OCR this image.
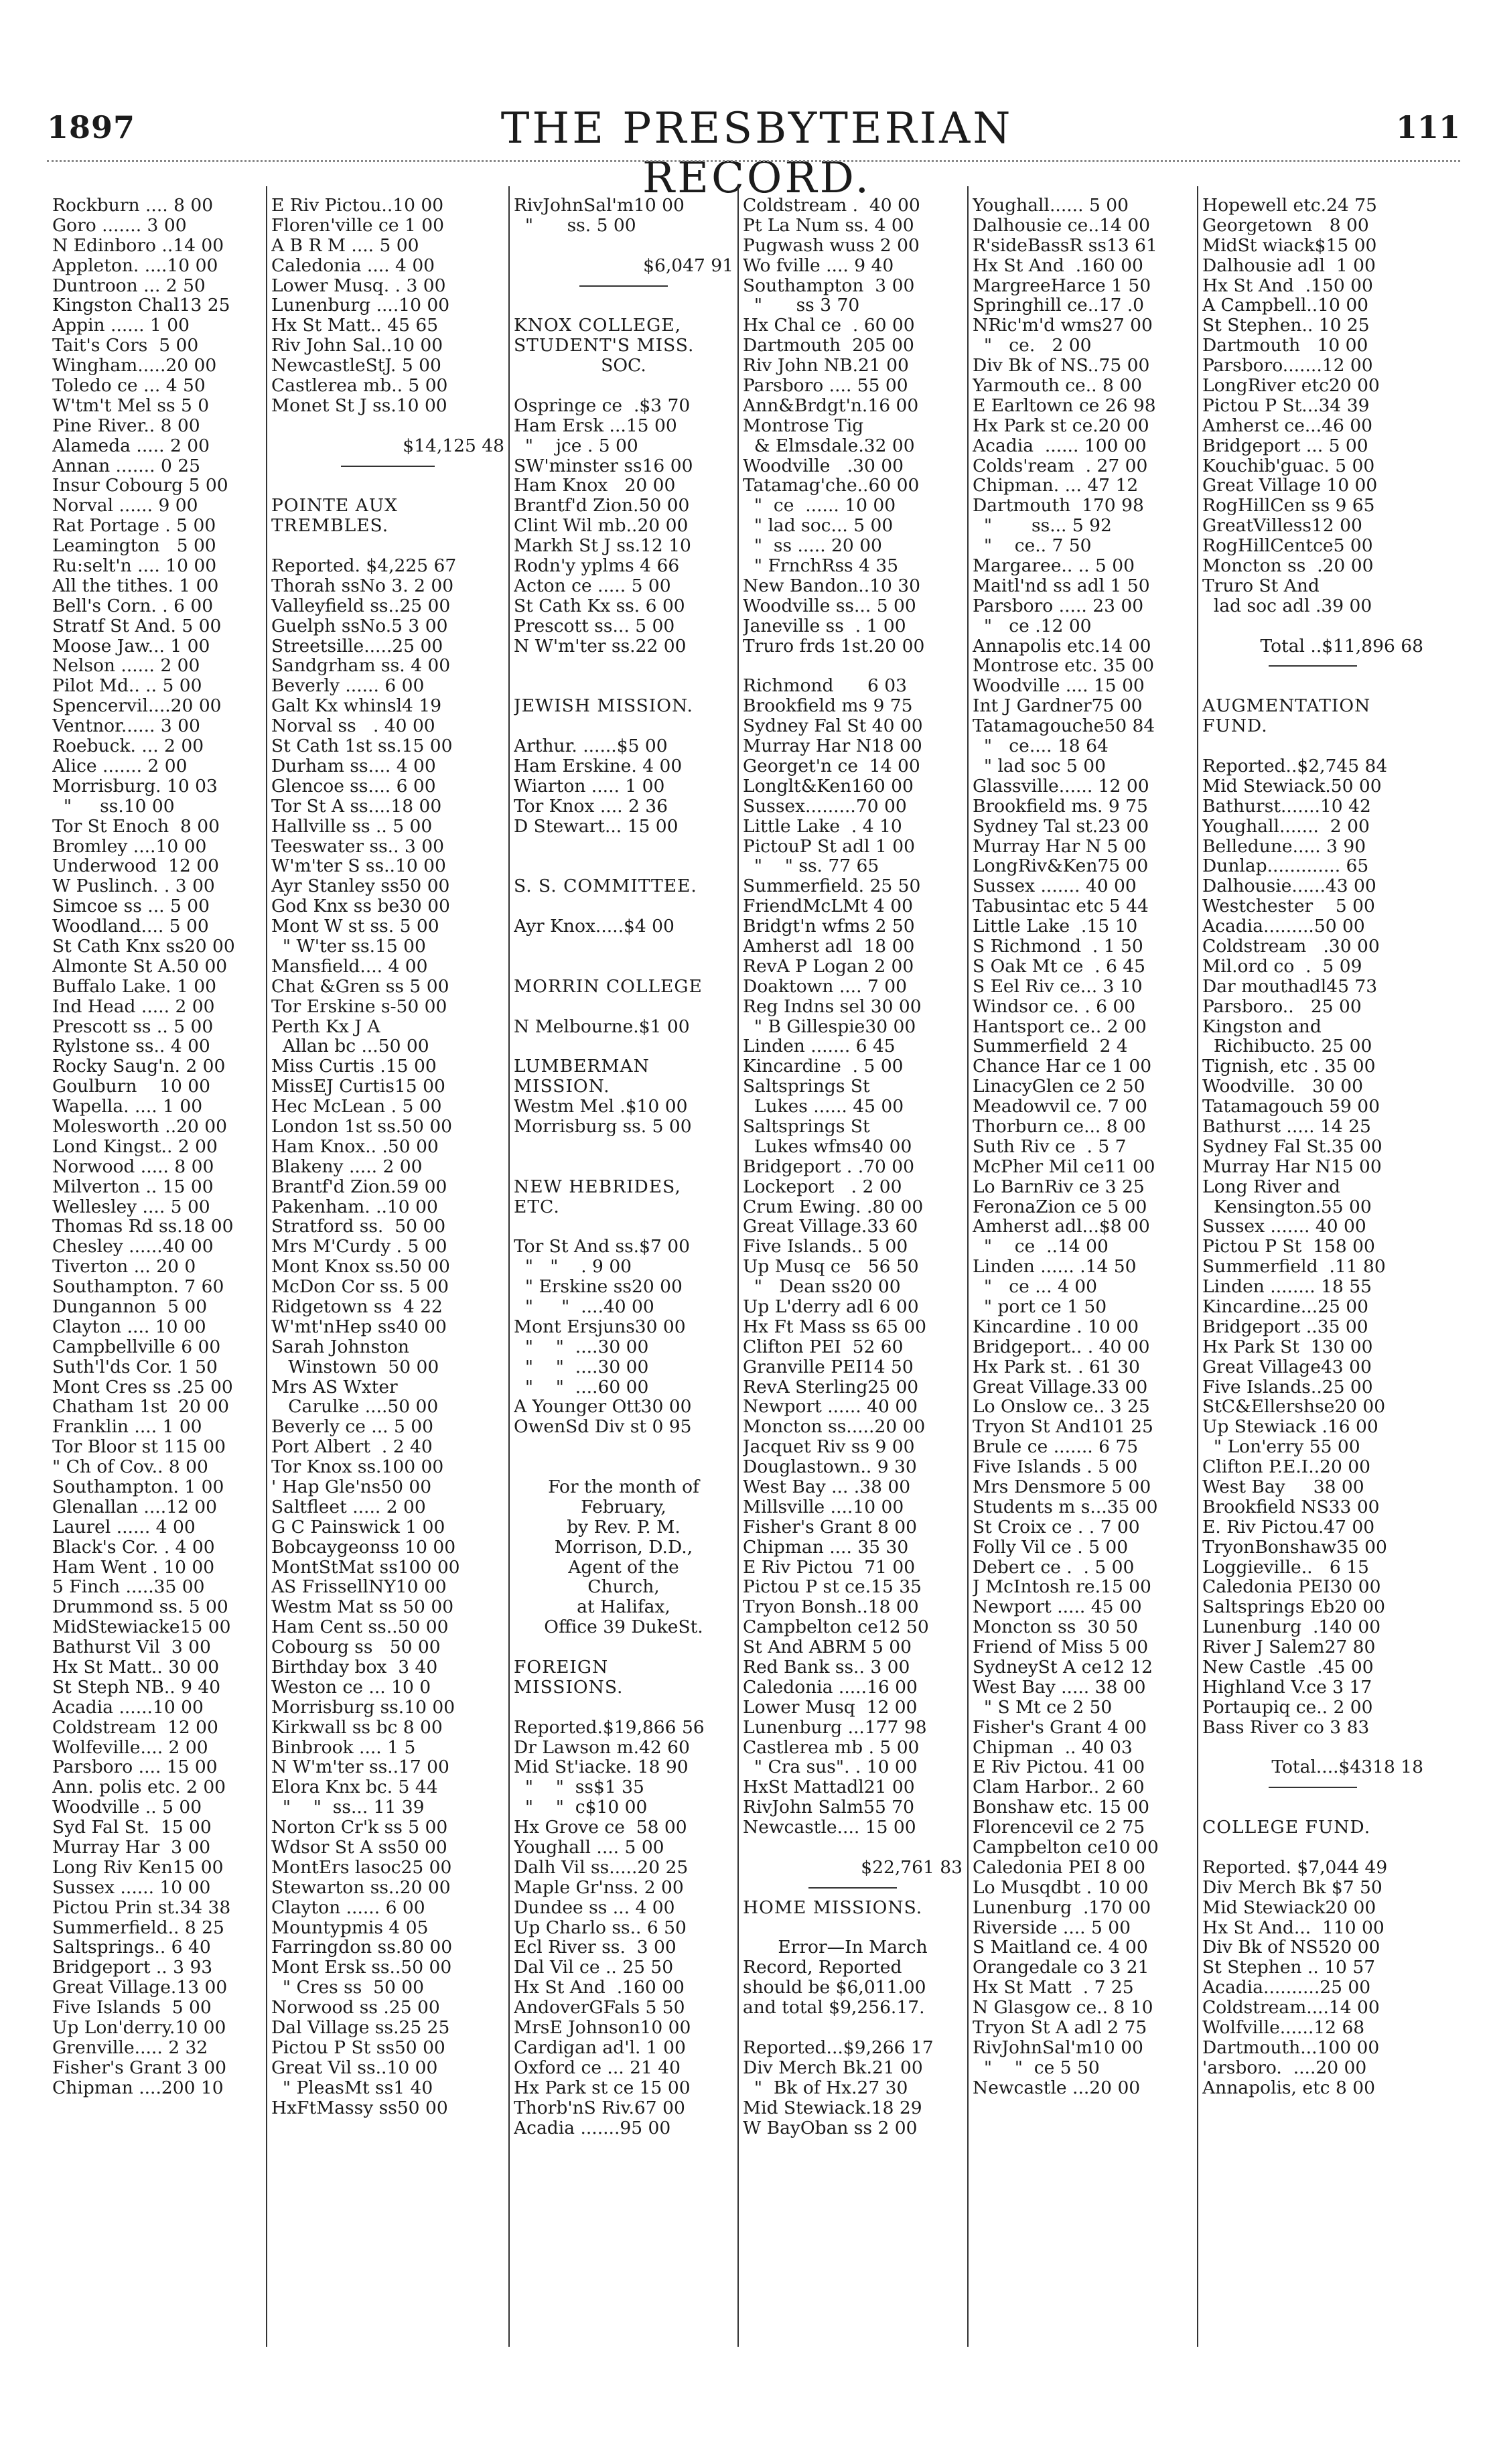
1897	THE PRESBYTERIAN RECORD.
111
Rockburn .... 8 00
Goro ....... 3 00
N Edinboro ..14 00
Appleton. ....10 00
Duntroon ... 2 50
Kingston Chal13 25
Appin ...... 1 00
Tait's Cors  5 00
Wingham.....20 00
Toledo ce ... 4 50
W'tm't Mel ss 5 0
Pine River.. 8 00
Alameda ..... 2 00
Annan ....... 0 25
Insur Cobourg 5 00
Norval ...... 9 00
Rat Portage . 5 00
Leamington   5 00
Ru:selt'n .... 10 00
All the tithes. 1 00
Bell's Corn. . 6 00
Stratf St And. 5 00
Moose Jaw... 1 00
Nelson ...... 2 00
Pilot Md.. .. 5 00
Spencervil....20 00
Ventnor...... 3 00
Roebuck. ... 2 00
Alice ....... 2 00
Morrisburg. 10 03
"     ss.10 00
Tor St Enoch  8 00
Bromley ....10 00
Underwood  12 00
W Puslinch. . 3 00
Simcoe ss ... 5 00
Woodland.... 5 00
St Cath Knx ss20 00
Almonte St A.50 00
Buffalo Lake. 1 00
Ind Head ..... 2 00
Prescott ss .. 5 00
Rylstone ss.. 4 00
Rocky Saug'n. 2 00
Goulburn    10 00
Wapella. .... 1 00
Molesworth ..20 00
Lond Kingst.. 2 00
Norwood ..... 8 00
Milverton .. 15 00
Wellesley .... 5 00
Thomas Rd ss.18 00
Chesley ......40 00
Tiverton ... 20 0
Southampton. 7 60
Dungannon  5 00
Clayton .... 10 00
Campbellville 6 00
Suth'l'ds Cor. 1 50
Mont Cres ss .25 00
Chatham 1st  20 00
Franklin .... 1 00
Tor Bloor st 115 00
" Ch of Cov.. 8 00
Southampton. 1 00
Glenallan ....12 00
Laurel ...... 4 00
Black's Cor. . 4 00
Ham Went . 10 00
5 Finch .....35 00
Drummond ss. 5 00
MidStewiacke15 00
Bathurst Vil  3 00
Hx St Matt.. 30 00
St Steph NB.. 9 40
Acadia ......10 00
Coldstream  12 00
Wolfeville.... 2 00
Parsboro .... 15 00
Ann. polis etc. 2 00
Woodville .. 5 00
Syd Fal St.  15 00
Murray Har  3 00
Long Riv Ken15 00
Sussex ...... 10 00
Pictou Prin st.34 38
Summerfield.. 8 25
Saltsprings.. 6 40
Bridgeport .. 3 93
Great Village.13 00
Five Islands  5 00
Up Lon'derry.10 00
Grenville..... 2 32
Fisher's Grant 3 00
Chipman ....200 10
E Riv Pictou..10 00
Floren'ville ce 1 00
A B R M .... 5 00
Caledonia .... 4 00
Lower Musq. . 3 00
Lunenburg ....10 00
Hx St Matt.. 45 65
Riv John Sal..10 00
NewcastleStJ. 5 00
Castlerea mb.. 5 00
Monet St J ss.10 00
$14,125 48
POINTE AUX
TREMBLES.
Reported. $4,225 67
Thorah ssNo 3. 2 00
Valleyfield ss..25 00
Guelph ssNo.5 3 00
Streetsille.....25 00
Sandgrham ss. 4 00
Beverly ...... 6 00
Galt Kx whinsl4 19
Norval ss   . 40 00
St Cath 1st ss.15 00
Durham ss.... 4 00
Glencoe ss.... 6 00
Tor St A ss....18 00
Hallville ss .. 5 00
Teeswater ss.. 3 00
W'm'ter S ss..10 00
Ayr Stanley ss50 00
God Knx ss be30 00
Mont W st ss. 5 00
" W'ter ss.15 00
Mansfield.... 4 00
Chat &Gren ss 5 00
Tor Erskine s-50 00
Perth Kx J A
Allan bc ...50 00
Miss Curtis .15 00
MissEJ Curtis15 00
Hec McLean . 5 00
London 1st ss.50 00
Ham Knox.. .50 00
Blakeny ..... 2 00
Brantf'd Zion.59 00
Pakenham. ..10 00
Stratford ss.  50 00
Mrs M'Curdy . 5 00
Mont Knox ss.50 00
McDon Cor ss. 5 00
Ridgetown ss  4 22
W'mt'nHep ss40 00
Sarah Johnston
Winstown  50 00
Mrs AS Wxter
Carulke ....50 00
Beverly ce ... 5 00
Port Albert  . 2 40
Tor Knox ss.100 00
' Hap Gle'ns50 00
Saltfleet ..... 2 00
G C Painswick 1 00
Bobcaygeonss 10 00
MontStMat ss100 00
AS FrissellNY10 00
Westm Mat ss 50 00
Ham Cent ss..50 00
Cobourg ss   50 00
Birthday box  3 40
Weston ce ... 10 0
Morrisburg ss.10 00
Kirkwall ss bc 8 00
Binbrook .... 1 5
N W'm'ter ss..17 00
Elora Knx bc. 5 44
"    "  ss... 11 39
Norton Cr'k ss 5 00
Wdsor St A ss50 00
MontErs lasoc25 00
Stewarton ss..20 00
Clayton ...... 6 00
Mountypmis 4 05
Farringdon ss.80 00
Mont Ersk ss..50 00
" Cres ss  50 00
Norwood ss .25 00
Dal Village ss.25 25
Pictou P St ss50 00
Great Vil ss..10 00
" PleasMt ss1 40
HxFtMassy ss50 00
RivJohnSal'm10 00
"      ss. 5 00
$6,047 91
KNOX COLLEGE,
STUDENT'S MISS.
SOC.
Ospringe ce  .$3 70
Ham Ersk ...15 00
"    jce . 5 00
SW'minster ss16 00
Ham Knox   20 00
Brantf'd Zion.50 00
Clint Wil mb..20 00
Markh St J ss.12 10
Rodn'y yplms 4 66
Acton ce ..... 5 00
St Cath Kx ss. 6 00
Prescott ss... 5 00
N W'm'ter ss.22 00
JEWISH MISSION.
Arthur. ......$5 00
Ham Erskine. 4 00
Wiarton ..... 1 00
Tor Knox .... 2 36
D Stewart... 15 00
S. S. COMMITTEE.
Ayr Knox.....$4 00
MORRIN COLLEGE
N Melbourne.$1 00
LUMBERMAN
MISSION.
Westm Mel .$10 00
Morrisburg ss. 5 00
NEW HEBRIDES,
ETC.
Tor St And ss.$7 00
"   "    . 9 00
" Erskine ss20 00
"     "  ....40 00
Mont Ersjuns30 00
"    "  ....30 00
"    "  ....30 00
"    "  ....60 00
A Younger Ott30 00
OwenSd Div st 0 95
For the month of
February,
by Rev. P. M.
Morrison, D.D.,
Agent of the
Church,
at Halifax,
Office 39 DukeSt.
FOREIGN
MISSIONS.
Reported.$19,866 56
Dr Lawson m.42 60
Mid St'iacke. 18 90
"    "  ss$1 35
"    "  c$10 00
Hx Grove ce  58 00
Youghall .... 5 00
Dalh Vil ss.....20 25
Maple Gr'nss. 2 00
Dundee ss ... 4 00
Up Charlo ss.. 6 50
Ecl River ss.  3 00
Dal Vil ce .. 25 50
Hx St And  .160 00
AndoverGFals 5 50
MrsE Johnson10 00
Cardigan ad'l. 1 00
Oxford ce ... 21 40
Hx Park st ce 15 00
Thorb'nS Riv.67 00
Acadia .......95 00
Coldstream .  40 00
Pt La Num ss. 4 00
Pugwash wuss 2 00
Wo fville .... 9 40
Southampton  3 00
"      ss 3 70
Hx Chal ce  . 60 00
Dartmouth  205 00
Riv John NB.21 00
Parsboro .... 55 00
Ann&Brdgt'n.16 00
Montrose Tig
& Elmsdale.32 00
Woodville   .30 00
Tatamag'che..60 00
"  ce  ...... 10 00
" lad soc... 5 00
"  ss ..... 20 00
" FrnchRss 4 35
New Bandon..10 30
Woodville ss... 5 00
Janeville ss  . 1 00
Truro frds 1st.20 00
Richmond      6 03
Brookfield ms 9 75
Sydney Fal St 40 00
Murray Har N18 00
Georget'n ce  14 00
Longlt&Ken160 00
Sussex.........70 00
Little Lake  . 4 10
PictouP St adl 1 00
"    " ss. 77 65
Summerfield. 25 50
FriendMcLMt 4 00
Bridgt'n wfms 2 50
Amherst adl  18 00
RevA P Logan 2 00
Doaktown .... 7 00
Reg Indns sel 30 00
" B Gillespie30 00
Linden ....... 6 45
Kincardine  . 5 00
Saltsprings St
Lukes ...... 45 00
Saltsprings St
Lukes wfms40 00
Bridgeport . .70 00
Lockeport   . 2 00
Crum Ewing. .80 00
Great Village.33 60
Five Islands.. 5 00
Up Musq ce   56 50
"   Dean ss20 00
Up L'derry adl 6 00
Hx Ft Mass ss 65 00
Clifton PEI  52 60
Granville PEI14 50
RevA Sterling25 00
Newport ...... 40 00
Moncton ss.....20 00
Jacquet Riv ss 9 00
Douglastown.. 9 30
West Bay ... .38 00
Millsville ....10 00
Fisher's Grant 8 00
Chipman .... 35 30
E Riv Pictou  71 00
Pictou P st ce.15 35
Tryon Bonsh..18 00
Campbelton ce12 50
St And ABRM 5 00
Red Bank ss.. 3 00
Caledonia .....16 00
Lower Musq  12 00
Lunenburg ...177 98
Castlerea mb . 5 00
" Cra sus". . 10 00
HxSt Mattadl21 00
RivJohn Salm55 70
Newcastle.... 15 00
$22,761 83
HOME MISSIONS.
Error—In March
Record, Reported
should be $6,011.00
and total $9,256.17.
Reported...$9,266 17
Div Merch Bk.21 00
"  Bk of Hx.27 30
Mid Stewiack.18 29
W BayOban ss 2 00
Youghall...... 5 00
Dalhousie ce..14 00
R'sideBassR ss13 61
Hx St And  .160 00
MargreeHarce 1 50
Springhill ce..17 .0
NRic'm'd wms27 00
"   ce.   2 00
Div Bk of NS..75 00
Yarmouth ce.. 8 00
E Earltown ce 26 98
Hx Park st ce.20 00
Acadia  ...... 100 00
Colds'ream  . 27 00
Chipman. ... 47 12
Dartmouth  170 98
"       ss... 5 92
"    ce.. 7 50
Margaree.. .. 5 00
Maitl'nd ss adl 1 50
Parsboro ..... 23 00
"   ce .12 00
Annapolis etc.14 00
Montrose etc. 35 00
Woodville .... 15 00
Int J Gardner75 00
Tatamagouche50 84
"   ce.... 18 64
" lad soc 5 00
Glassville...... 12 00
Brookfield ms. 9 75
Sydney Tal st.23 00
Murray Har N 5 00
LongRiv&Ken75 00
Sussex ....... 40 00
Tabusintac etc 5 44
Little Lake  .15 10
S Richmond  . 1 50
S Oak Mt ce  . 6 45
S Eel Riv ce... 3 10
Windsor ce. . 6 00
Hantsport ce.. 2 00
Summerfield  2 4
Chance Har ce 1 00
LinacyGlen ce 2 50
Meadowvil ce. 7 00
Thorburn ce... 8 00
Suth Riv ce  . 5 7
McPher Mil ce11 00
Lo BarnRiv ce 3 25
FeronaZion ce 5 00
Amherst adl...$8 00
"    ce  ..14 00
Linden ...... .14 50
"   ce ... 4 00
" port ce 1 50
Kincardine . 10 00
Bridgeport.. . 40 00
Hx Park st. . 61 30
Great Village.33 00
Lo Onslow ce.. 3 25
Tryon St And101 25
Brule ce ....... 6 75
Five Islands . 5 00
Mrs Densmore 5 00
Students m s...35 00
St Croix ce . . 7 00
Folly Vil ce . 5 00
Debert ce .  . 5 00
J McIntosh re.15 00
Newport ..... 45 00
Moncton ss  30 50
Friend of Miss 5 00
SydneySt A ce12 12
West Bay ..... 38 00
" S Mt ce 2 50
Fisher's Grant 4 00
Chipman  .. 40 03
E Riv Pictou. 41 00
Clam Harbor.. 2 60
Bonshaw etc. 15 00
Florencevil ce 2 75
Campbelton ce10 00
Caledonia PEI 8 00
Lo Musqdbt . 10 00
Lunenburg  .170 00
Riverside .... 5 00
S Maitland ce. 4 00
Orangedale co 3 21
Hx St Matt  . 7 25
N Glasgow ce.. 8 10
Tryon St A adl 2 75
RivJohnSal'm10 00
"    "  ce 5 50
Newcastle ...20 00
Hopewell etc.24 75
Georgetown   8 00
MidSt wiack$15 00
Dalhousie adl  1 00
Hx St And  .150 00
A Campbell..10 00
St Stephen.. 10 25
Dartmouth   10 00
Parsboro.......12 00
LongRiver etc20 00
Pictou P St...34 39
Amherst ce...46 00
Bridgeport ... 5 00
Kouchib'guac. 5 00
Great Village 10 00
RogHillCen ss 9 65
GreatVilless12 00
RogHillCentce5 00
Moncton ss  .20 00
Truro St And
lad soc adl .39 00
Total ..$11,896 68
AUGMENTATION
FUND.
Reported..$2,745 84
Mid Stewiack.50 00
Bathurst.......10 42
Youghall.......  2 00
Belledune..... 3 90
Dunlap............. 65
Dalhousie......43 00
Westchester    5 00
Acadia.........50 00
Coldstream   .30 00
Mil.ord co  .  5 09
Dar mouthadl45 73
Parsboro..   25 00
Kingston and
Richibucto. 25 00
Tignish, etc . 35 00
Woodville.   30 00
Tatamagouch 59 00
Bathurst ..... 14 25
Sydney Fal St.35 00
Murray Har N15 00
Long River and
Kensington.55 00
Sussex ....... 40 00
Pictou P St  158 00
Summerfield  .11 80
Linden ........ 18 55
Kincardine...25 00
Bridgeport ..35 00
Hx Park St  130 00
Great Village43 00
Five Islands..25 00
StC&Ellershse20 00
Up Stewiack .16 00
" Lon'erry 55 00
Clifton P.E.I..20 00
West Bay     38 00
Brookfield NS33 00
E. Riv Pictou.47 00
TryonBonshaw35 00
Loggieville..   6 15
Caledonia PEI30 00
Saltsprings Eb20 00
Lunenburg  .140 00
River J Salem27 80
New Castle  .45 00
Highland V.ce 3 17
Portaupiq ce.. 2 00
Bass River co 3 83
Total....$4318 18
COLLEGE FUND.
Reported. $7,044 49
Div Merch Bk $7 50
Mid Stewiack20 00
Hx St And...  110 00
Div Bk of NS520 00
St Stephen .. 10 57
Acadia..........25 00
Coldstream....14 00
Wolfville......12 68
Dartmouth...100 00
'arsboro.  ....20 00
Annapolis, etc 8 00
